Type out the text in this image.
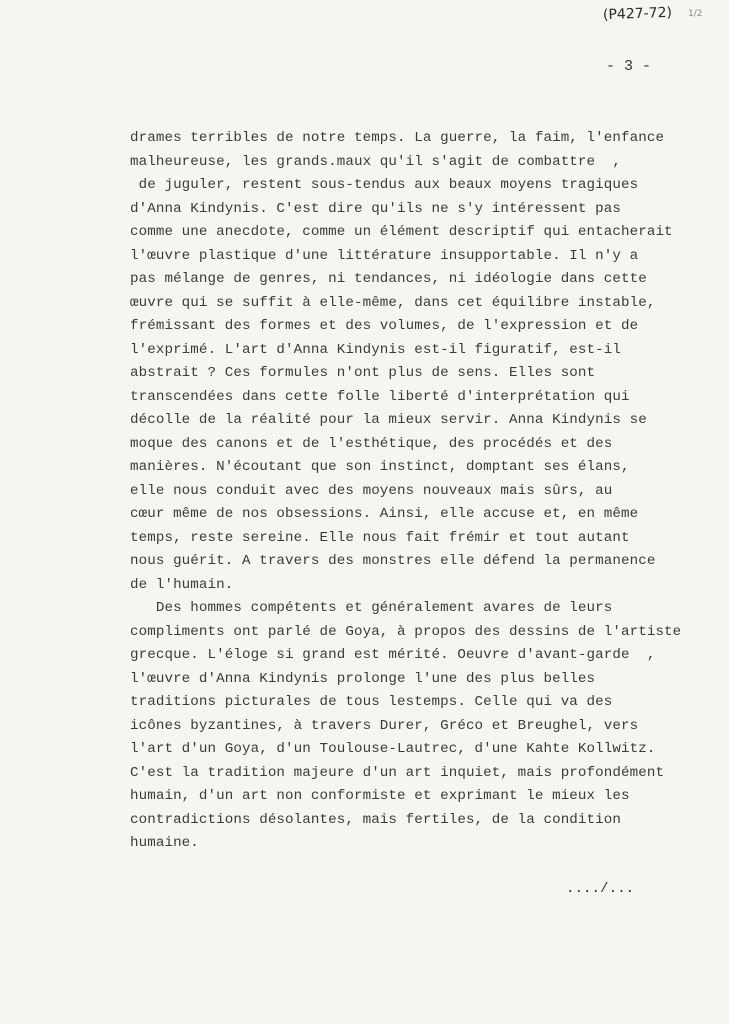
(P427-72) 1/2
- 3 -
drames terribles de notre temps. La guerre, la faim, l'enfance
malheureuse, les grands.maux qu'il s'agit de combattre  ,
de juguler, restent sous-tendus aux beaux moyens tragiques
d'Anna Kindynis. C'est dire qu'ils ne s'y intéressent pas
comme une anecdote, comme un élément descriptif qui entacherait
l'œuvre plastique d'une littérature insupportable. Il n'y a
pas mélange de genres, ni tendances, ni idéologie dans cette
œuvre qui se suffit à elle-même, dans cet équilibre instable,
frémissant des formes et des volumes, de l'expression et de
l'exprimé. L'art d'Anna Kindynis est-il figuratif, est-il
abstrait ? Ces formules n'ont plus de sens. Elles sont
transcendées dans cette folle liberté d'interprétation qui
décolle de la réalité pour la mieux servir. Anna Kindynis se
moque des canons et de l'esthétique, des procédés et des
manières. N'écoutant que son instinct, domptant ses élans,
elle nous conduit avec des moyens nouveaux mais sûrs, au
cœur même de nos obsessions. Ainsi, elle accuse et, en même
temps, reste sereine. Elle nous fait frémir et tout autant
nous guérit. A travers des monstres elle défend la permanence
de l'humain.
Des hommes compétents et généralement avares de leurs
compliments ont parlé de Goya, à propos des dessins de l'artiste
grecque. L'éloge si grand est mérité. Oeuvre d'avant-garde  ,
l'œuvre d'Anna Kindynis prolonge l'une des plus belles
traditions picturales de tous lestemps. Celle qui va des
icônes byzantines, à travers Durer, Gréco et Breughel, vers
l'art d'un Goya, d'un Toulouse-Lautrec, d'une Kahte Kollwitz.
C'est la tradition majeure d'un art inquiet, mais profondément
humain, d'un art non conformiste et exprimant le mieux les
contradictions désolantes, mais fertiles, de la condition
humaine.
..../...
